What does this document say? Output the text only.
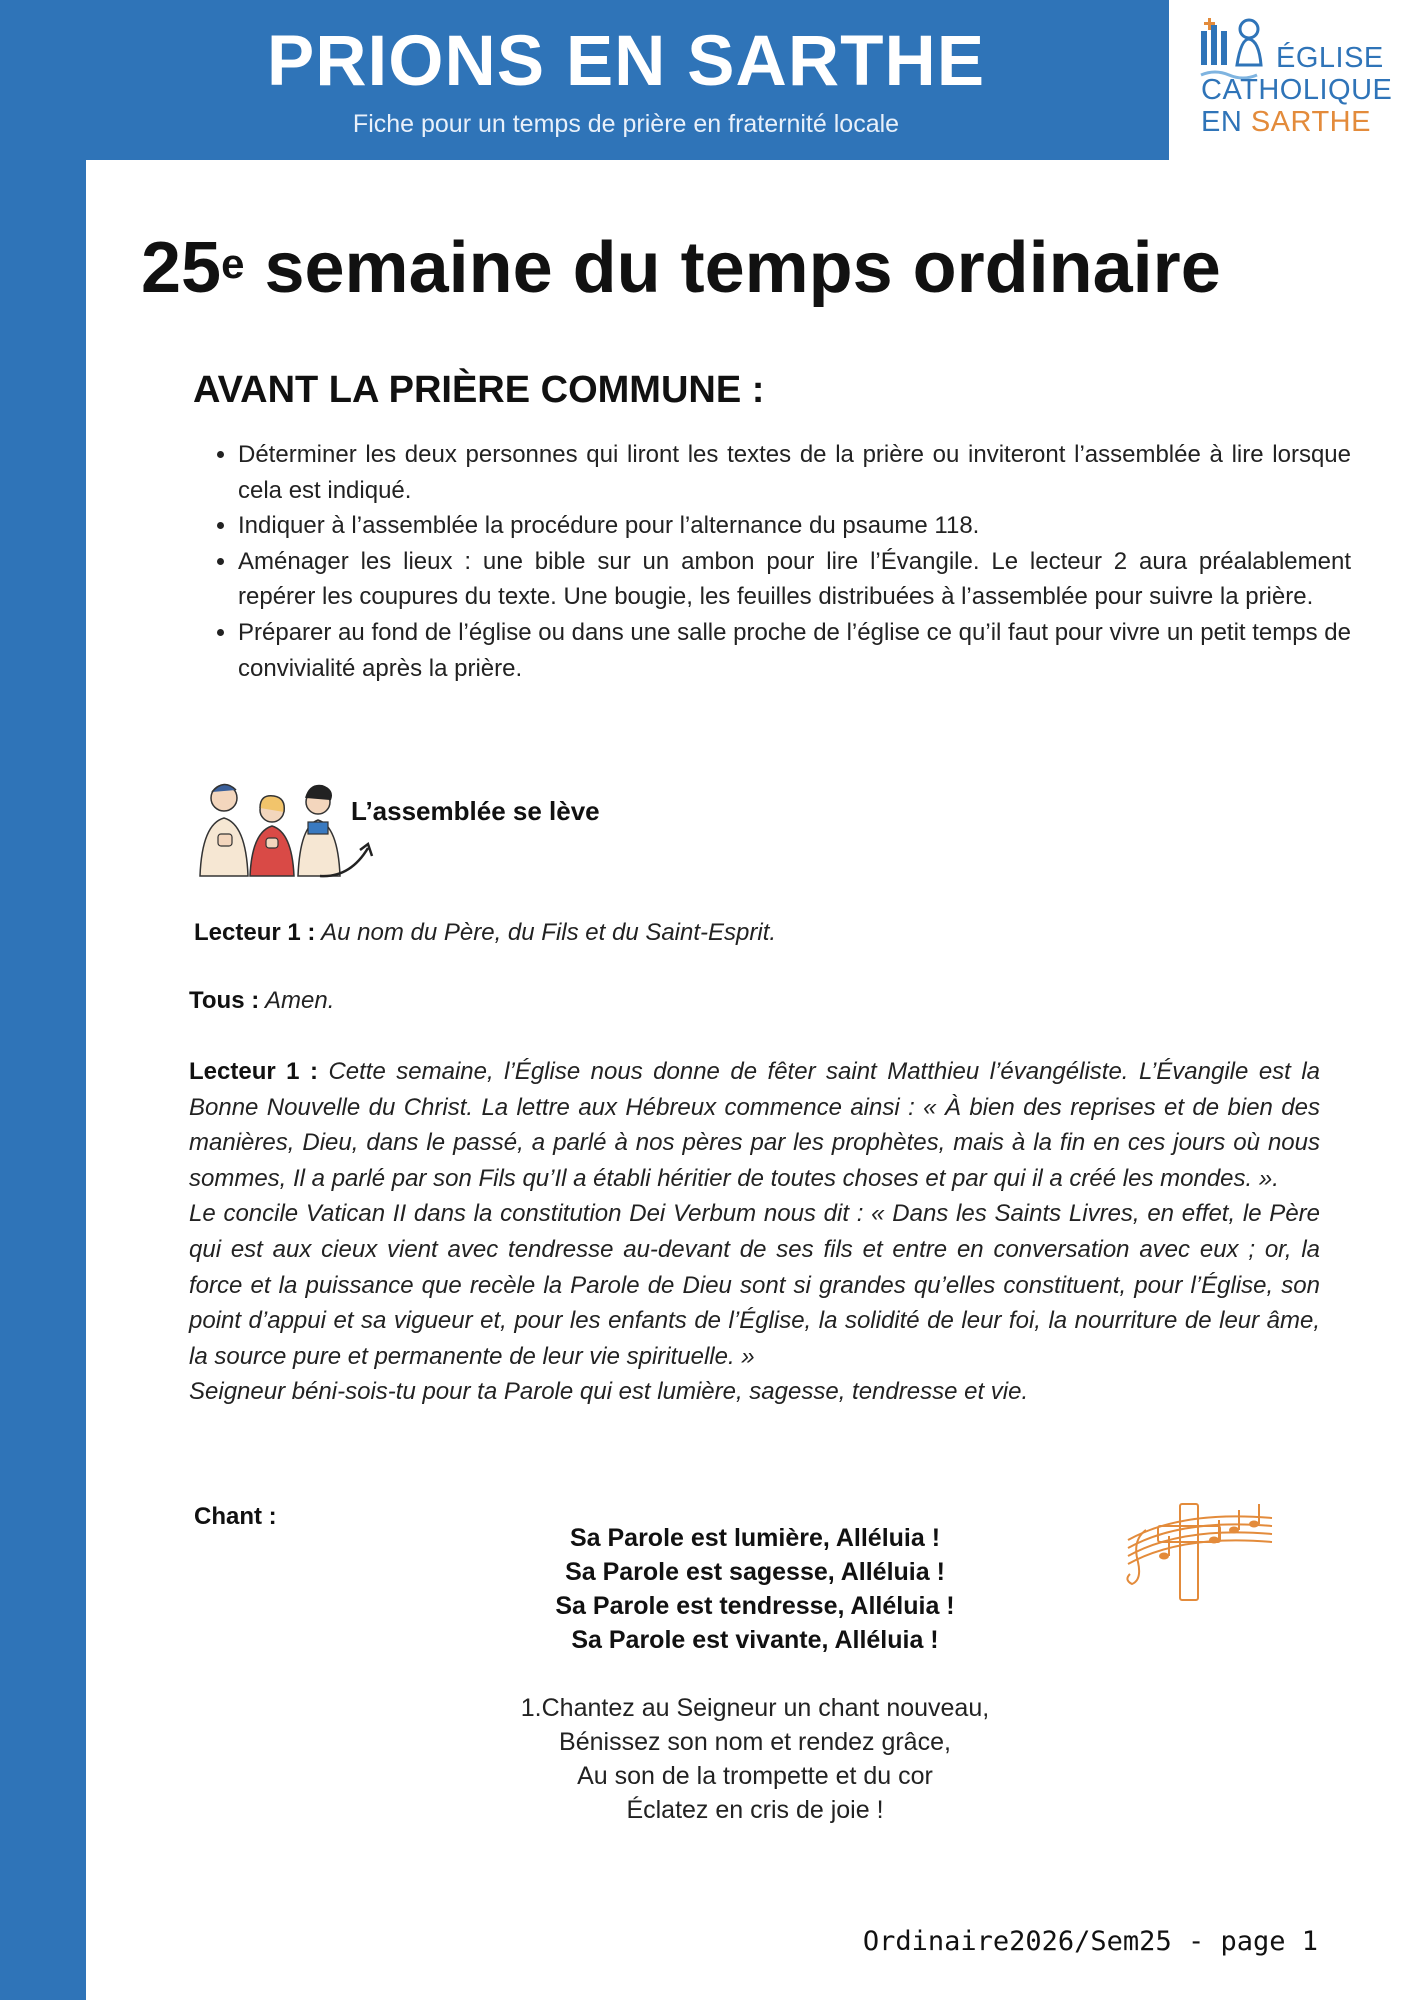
PRIONS EN SARTHE
Fiche pour un temps de prière en fraternité locale
ÉGLISE
CATHOLIQUE
EN SARTHE
25e semaine du temps ordinaire
AVANT LA PRIÈRE COMMUNE :
• Déterminer les deux personnes qui liront les textes de la prière ou inviteront l’assemblée à lire lorsque cela est indiqué.
• Indiquer à l’assemblée la procédure pour l’alternance du psaume 118.
• Aménager les lieux : une bible sur un ambon pour lire l’Évangile. Le lecteur 2 aura préalablement repérer les coupures du texte. Une bougie, les feuilles distribuées à l’assemblée pour suivre la prière.
• Préparer au fond de l’église ou dans une salle proche de l’église ce qu’il faut pour vivre un petit temps de convivialité après la prière.
L’assemblée se lève
Lecteur 1 : Au nom du Père, du Fils et du Saint-Esprit.
Tous : Amen.

Lecteur 1 : Cette semaine, l’Église nous donne de fêter saint Matthieu l’évangéliste. L’Évangile est la Bonne Nouvelle du Christ. La lettre aux Hébreux commence ainsi : « À bien des reprises et de bien des manières, Dieu, dans le passé, a parlé à nos pères par les prophètes, mais à la fin en ces jours où nous sommes, Il a parlé par son Fils qu’Il a établi héritier de toutes choses et par qui il a créé les mondes. ».

Le concile Vatican II dans la constitution Dei Verbum nous dit : « Dans les Saints Livres, en effet, le Père qui est aux cieux vient avec tendresse au-devant de ses fils et entre en conversation avec eux ; or, la force et la puissance que recèle la Parole de Dieu sont si grandes qu’elles constituent, pour l’Église, son point d’appui et sa vigueur et, pour les enfants de l’Église, la solidité de leur foi, la nourriture de leur âme, la source pure et permanente de leur vie spirituelle. »

Seigneur béni-sois-tu pour ta Parole qui est lumière, sagesse, tendresse et vie.

Chant :
Sa Parole est lumière, Alléluia !
Sa Parole est sagesse, Alléluia !
Sa Parole est tendresse, Alléluia !
Sa Parole est vivante, Alléluia !
1.Chantez au Seigneur un chant nouveau,
Bénissez son nom et rendez grâce,
Au son de la trompette et du cor
Éclatez en cris de joie !
Ordinaire2026/Sem25 - page 1
